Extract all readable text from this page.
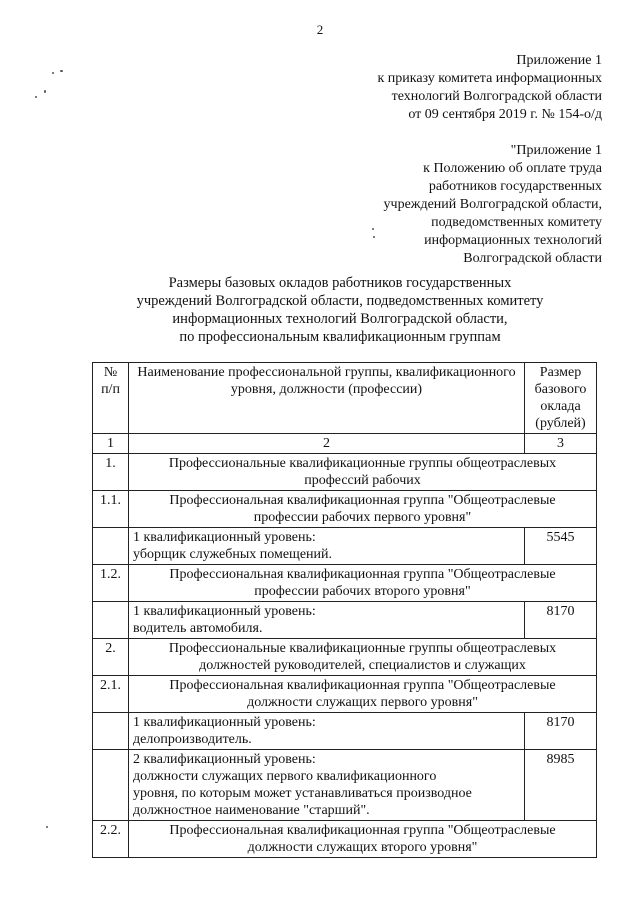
2
Приложение 1
к приказу комитета информационных
технологий Волгоградской области
от 09 сентября 2019 г. № 154-о/д
"Приложение 1
к Положению об оплате труда
работников государственных
учреждений Волгоградской области,
подведомственных комитету
информационных технологий
Волгоградской области
Размеры базовых окладов работников государственных
учреждений Волгоградской области, подведомственных комитету
информационных технологий Волгоградской области,
по профессиональным квалификационным группам
№ п/п	Наименование профессиональной группы, квалификационного уровня, должности (профессии)	Размер базового оклада (рублей)
1	2	3
1.	Профессиональные квалификационные группы общеотраслевых
профессий рабочих	

1.1.	Профессиональная квалификационная группа "Общеотраслевые
профессии рабочих первого уровня"	

	1 квалификационный уровень:
уборщик служебных помещений.	5545
1.2.	Профессиональная квалификационная группа "Общеотраслевые
профессии рабочих второго уровня"	

	1 квалификационный уровень:
водитель автомобиля.	8170
2.	Профессиональные квалификационные группы общеотраслевых
должностей руководителей, специалистов и служащих	

2.1.	Профессиональная квалификационная группа "Общеотраслевые
должности служащих первого уровня"	

	1 квалификационный уровень:
делопроизводитель.	8170

	2 квалификационный уровень:
должности служащих первого квалификационного
уровня, по которым может устанавливаться производное
должностное наименование "старший".	8985
2.2.	Профессиональная квалификационная группа "Общеотраслевые
должности служащих второго уровня"	
